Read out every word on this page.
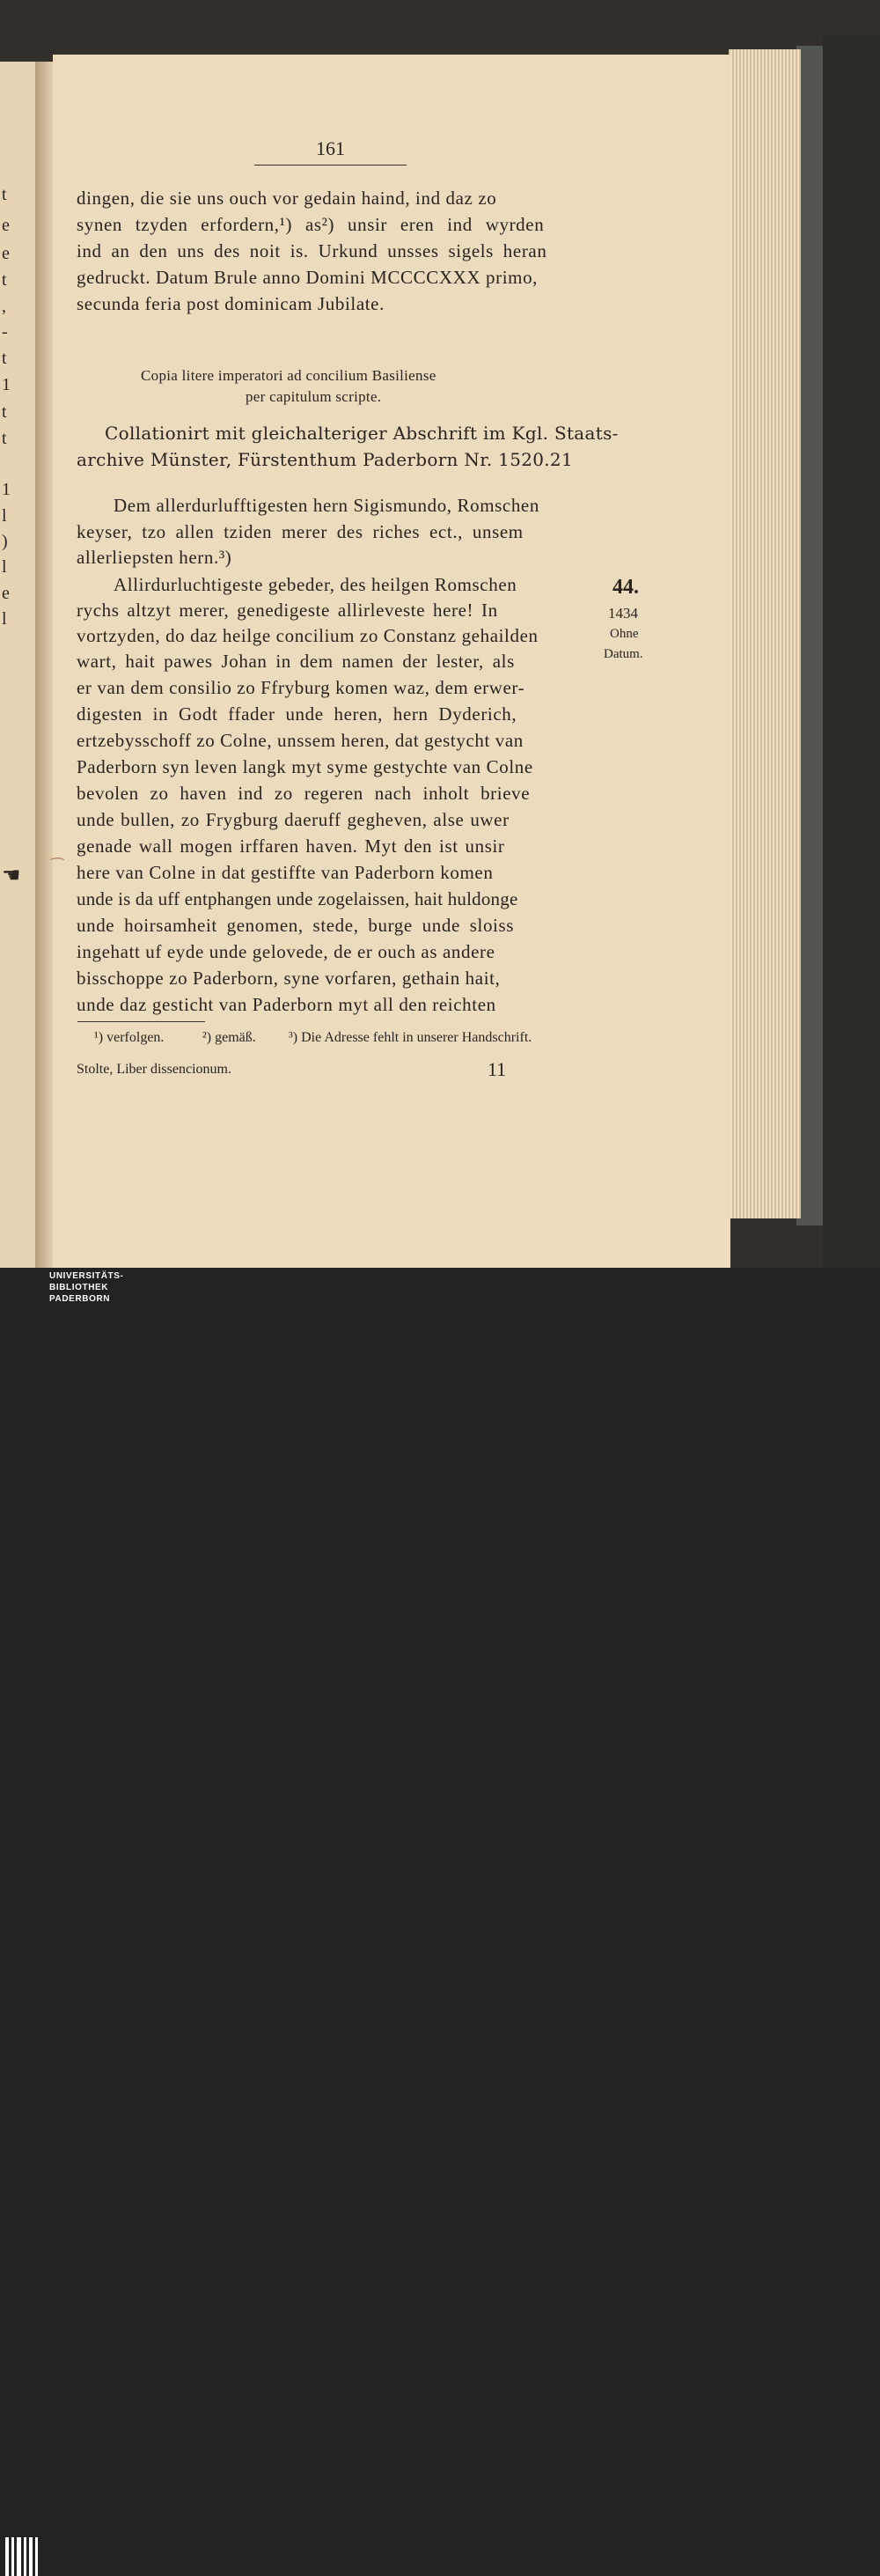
t
e
e
t
,
-
t
1
t
t
1
l
)
l
e
l
☚ ⁀
161
dingen, die sie uns ouch vor gedain haind, ind daz zo
synen tzyden erfordern,¹) as²) unsir eren ind wyrden
ind an den uns des noit is. Urkund unsses sigels heran
gedruckt. Datum Brule anno Domini MCCCCXXX primo,
secunda feria post dominicam Jubilate.
Copia litere imperatori ad concilium Basiliense
per capitulum scripte.
Collationirt mit gleichalteriger Abschrift im Kgl. Staats-
archive Münster, Fürstenthum Paderborn Nr. 1520.21
Dem allerdurlufftigesten hern Sigismundo, Romschen
keyser, tzo allen tziden merer des riches ect., unsem
allerliepsten hern.³)
Allirdurluchtigeste gebeder, des heilgen Romschen
rychs altzyt merer, genedigeste allirleveste here! In
vortzyden, do daz heilge concilium zo Constanz gehailden
wart, hait pawes Johan in dem namen der lester, als
er van dem consilio zo Ffryburg komen waz, dem erwer-
digesten in Godt ffader unde heren, hern Dyderich,
ertzebysschoff zo Colne, unssem heren, dat gestycht van
Paderborn syn leven langk myt syme gestychte van Colne
bevolen zo haven ind zo regeren nach inholt brieve
unde bullen, zo Frygburg daeruff gegheven, alse uwer
genade wall mogen irffaren haven. Myt den ist unsir
here van Colne in dat gestiffte van Paderborn komen
unde is da uff entphangen unde zogelaissen, hait huldonge
unde hoirsamheit genomen, stede, burge unde sloiss
ingehatt uf eyde unde gelovede, de er ouch as andere
bisschoppe zo Paderborn, syne vorfaren, gethain hait,
unde daz gesticht van Paderborn myt all den reichten
44.
1434
Ohne
Datum.
¹) verfolgen.	²) gemäß. ³) Die Adresse fehlt in unserer Handschrift.
Stolte, Liber dissencionum.	11
UNIVERSITÄTS-
BIBLIOTHEK
PADERBORN
